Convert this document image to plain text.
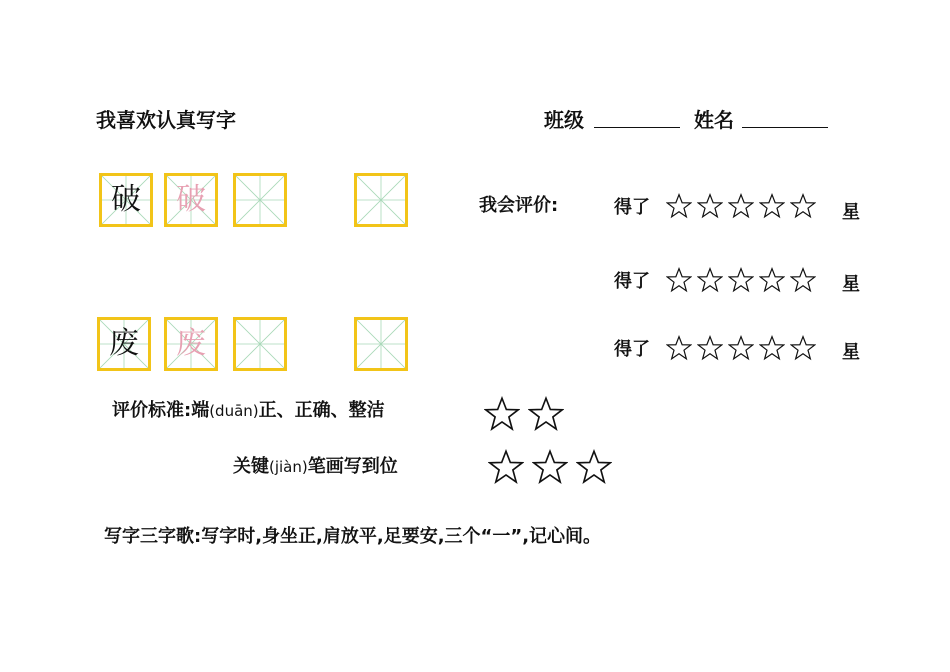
我喜欢认真写字	班级	姓名
破	破
废	废
我会评价:	得了	星
得了	星
得了	星
评价标准:端(duān)正、正确、整洁
关键(jiàn)笔画写到位
写字三字歌:写字时,身坐正,肩放平,足要安,三个“一”,记心间。
